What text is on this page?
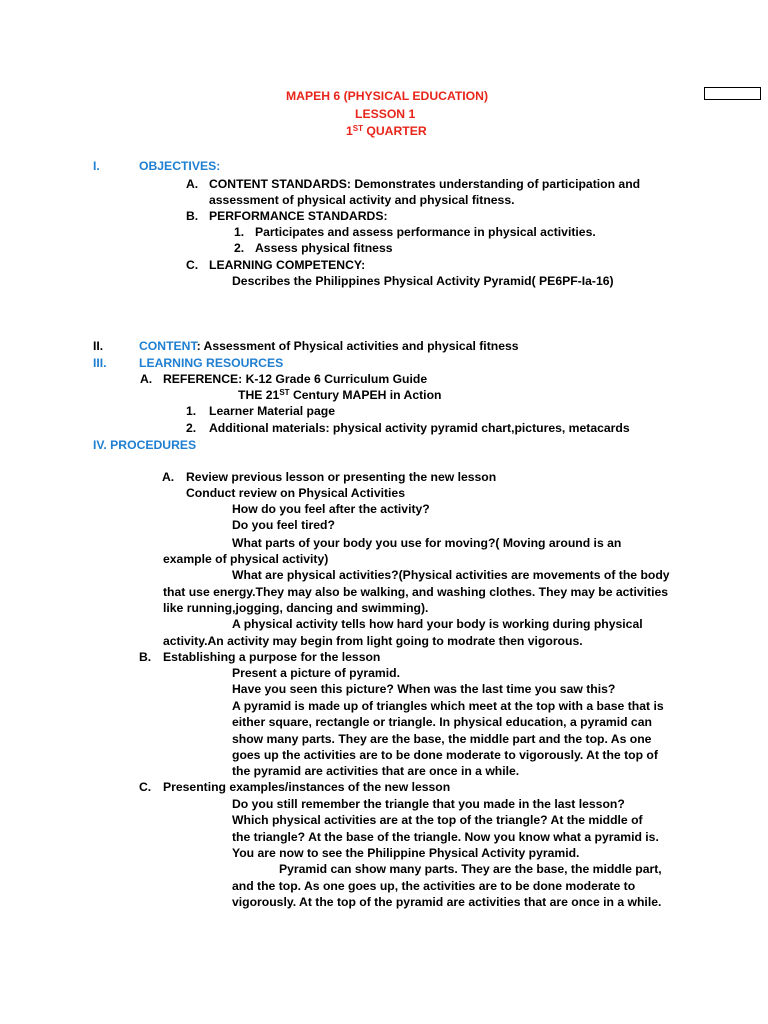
MAPEH 6 (PHYSICAL EDUCATION)
LESSON 1
1ST QUARTER
I.	OBJECTIVES:
A. CONTENT STANDARDS: Demonstrates understanding of participation and
assessment of physical activity and physical fitness.
B. PERFORMANCE STANDARDS:
1. Participates and assess performance in physical activities.
2. Assess physical fitness
C. LEARNING COMPETENCY:
Describes the Philippines Physical Activity Pyramid( PE6PF-Ia-16)
II.	CONTENT: Assessment of Physical activities and physical fitness
III.	LEARNING RESOURCES
A. REFERENCE: K-12 Grade 6 Curriculum Guide
THE 21ST Century MAPEH in Action
1. Learner Material page
2. Additional materials: physical activity pyramid chart,pictures, metacards
IV. PROCEDURES
A. Review previous lesson or presenting the new lesson
Conduct review on Physical Activities
How do you feel after the activity?
Do you feel tired?
What parts of your body you use for moving?( Moving around is an
example of physical activity)
What are physical activities?(Physical activities are movements of the body
that use energy.They may also be walking, and washing clothes. They may be activities
like running,jogging, dancing and swimming).
A physical activity tells how hard your body is working during physical
activity.An activity may begin from light going to modrate then vigorous.
B. Establishing a purpose for the lesson
Present a picture of pyramid.
Have you seen this picture? When was the last time you saw this?
A pyramid is made up of triangles which meet at the top with a base that is
either square, rectangle or triangle. In physical education, a pyramid can
show many parts. They are the base, the middle part and the top. As one
goes up the activities are to be done moderate to vigorously. At the top of
the pyramid are activities that are once in a while.
C. Presenting examples/instances of the new lesson
Do you still remember the triangle that you made in the last lesson?
Which physical activities are at the top of the triangle? At the middle of
the triangle? At the base of the triangle. Now you know what a pyramid is.
You are now to see the Philippine Physical Activity pyramid.
Pyramid can show many parts. They are the base, the middle part,
and the top. As one goes up, the activities are to be done moderate to
vigorously. At the top of the pyramid are activities that are once in a while.
